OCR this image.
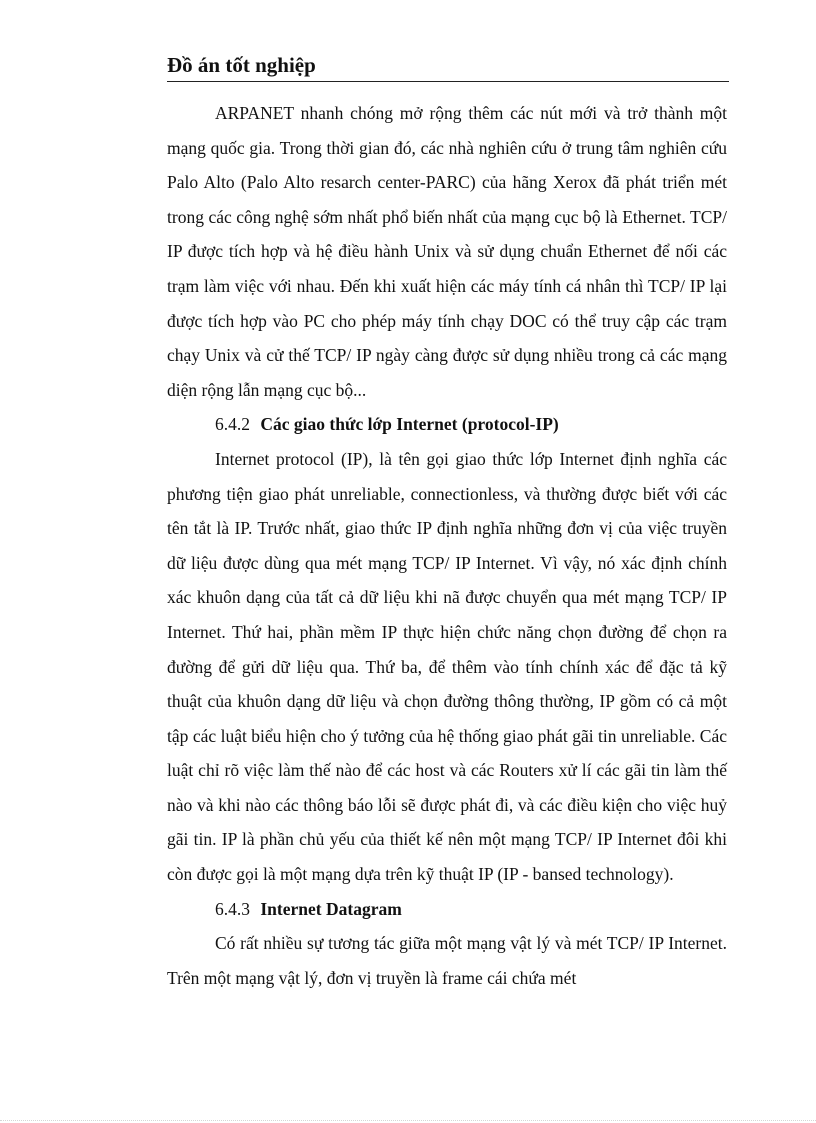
Đồ án tốt nghiệp

ARPANET nhanh chóng mở rộng thêm các nút mới và trở thành một mạng quốc gia. Trong thời gian đó, các nhà nghiên cứu ở trung tâm nghiên cứu Palo Alto (Palo Alto resarch center-PARC) của hãng Xerox đã phát triển mét trong các công nghệ sớm nhất phổ biến nhất của mạng cục bộ là Ethernet. TCP/ IP được tích hợp và hệ điều hành Unix và sử dụng chuẩn Ethernet để nối các trạm làm việc với nhau. Đến khi xuất hiện các máy tính cá nhân thì TCP/ IP lại được tích hợp vào PC cho phép máy tính chạy DOC có thể truy cập các trạm chạy Unix và cử thế TCP/ IP ngày càng được sử dụng nhiều trong cả các mạng diện rộng lẫn mạng cục bộ...

6.4.2 Các giao thức lớp Internet (protocol-IP)

Internet protocol (IP), là tên gọi giao thức lớp Internet định nghĩa các phương tiện giao phát unreliable, connectionless, và thường được biết với các tên tắt là IP. Trước nhất, giao thức IP định nghĩa những đơn vị của việc truyền dữ liệu được dùng qua mét mạng TCP/ IP Internet. Vì vậy, nó xác định chính xác khuôn dạng của tất cả dữ liệu khi nã được chuyển qua mét mạng TCP/ IP Internet. Thứ hai, phần mềm IP thực hiện chức năng chọn đường để chọn ra đường để gửi dữ liệu qua. Thứ ba, để thêm vào tính chính xác để đặc tả kỹ thuật của khuôn dạng dữ liệu và chọn đường thông thường, IP gồm có cả một tập các luật biểu hiện cho ý tưởng của hệ thống giao phát gãi tin unreliable. Các luật chỉ rõ việc làm thế nào để các host và các Routers xử lí các gãi tin làm thế nào và khi nào các thông báo lỗi sẽ được phát đi, và các điều kiện cho việc huỷ gãi tin. IP là phần chủ yếu của thiết kế nên một mạng TCP/ IP Internet đôi khi còn được gọi là một mạng dựa trên kỹ thuật IP (IP - bansed technology).

6.4.3 Internet Datagram

Có rất nhiều sự tương tác giữa một mạng vật lý và mét TCP/ IP Internet. Trên một mạng vật lý, đơn vị truyền là frame cái chứa mét
